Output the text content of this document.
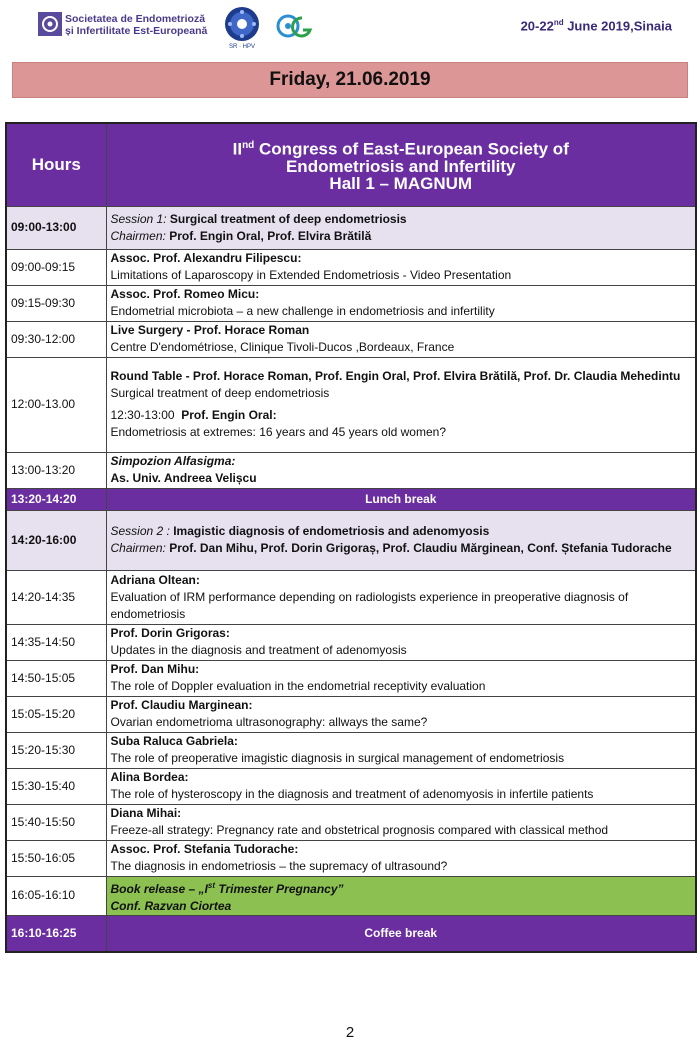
Societatea de Endometrioză
și Infertilitate Est-Europeană
SR · HPV
20-22nd June 2019,Sinaia
Friday, 21.06.2019
Hours	IInd Congress of East-European Society of
Endometriosis and Infertility
Hall 1 – MAGNUM

09:00-13:00	Session 1: Surgical treatment of deep endometriosis
Chairmen: Prof. Engin Oral, Prof. Elvira Brătilă

09:00-09:15	Assoc. Prof. Alexandru Filipescu:
Limitations of Laparoscopy in Extended Endometriosis - Video Presentation

09:15-09:30	Assoc. Prof. Romeo Micu:
Endometrial microbiota – a new challenge in endometriosis and infertility

09:30-12:00	Live Surgery - Prof. Horace Roman
Centre D'endométriose, Clinique Tivoli-Ducos ,Bordeaux, France

12:00-13.00	Round Table - Prof. Horace Roman, Prof. Engin Oral, Prof. Elvira Brătilă, Prof. Dr. Claudia Mehedintu
Surgical treatment of deep endometriosis
12:30-13:00 Prof. Engin Oral:
Endometriosis at extremes: 16 years and 45 years old women?

13:00-13:20	Simpozion Alfasigma:
As. Univ. Andreea Velișcu

13:20-14:20	Lunch break
14:20-16:00	Session 2 : Imagistic diagnosis of endometriosis and adenomyosis
Chairmen: Prof. Dan Mihu, Prof. Dorin Grigoraș, Prof. Claudiu Mărginean, Conf. Ștefania Tudorache

14:20-14:35	Adriana Oltean:
Evaluation of IRM performance depending on radiologists experience in preoperative diagnosis of endometriosis

14:35-14:50	Prof. Dorin Grigoras:
Updates in the diagnosis and treatment of adenomyosis

14:50-15:05	Prof. Dan Mihu:
The role of Doppler evaluation in the endometrial receptivity evaluation

15:05-15:20	Prof. Claudiu Marginean:
Ovarian endometrioma ultrasonography: allways the same?

15:20-15:30	Suba Raluca Gabriela:
The role of preoperative imagistic diagnosis in surgical management of endometriosis

15:30-15:40	Alina Bordea:
The role of hysteroscopy in the diagnosis and treatment of adenomyosis in infertile patients

15:40-15:50	Diana Mihai:
Freeze-all strategy: Pregnancy rate and obstetrical prognosis compared with classical method

15:50-16:05	Assoc. Prof. Stefania Tudorache:
The diagnosis in endometriosis – the supremacy of ultrasound?

16:05-16:10	Book release – „Ist Trimester Pregnancy”
Conf. Razvan Ciortea

16:10-16:25	Coffee break
2
